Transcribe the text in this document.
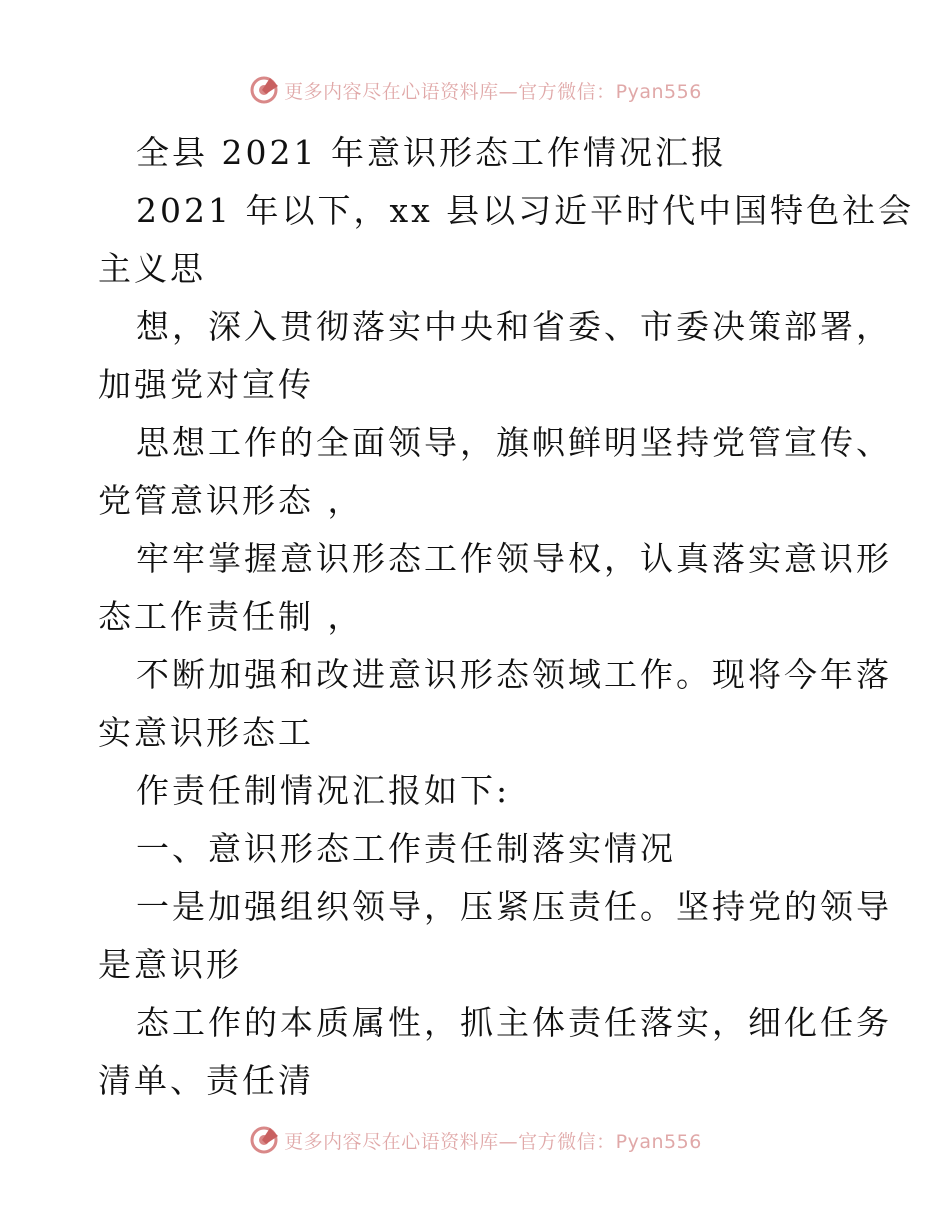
更多内容尽在心语资料库—官方微信：Pyan556
全县 2021 年意识形态工作情况汇报
2021 年以下，xx 县以习近平时代中国特色社会
主义思
想，深入贯彻落实中央和省委、市委决策部署，
加强党对宣传
思想工作的全面领导，旗帜鲜明坚持党管宣传、
党管意识形态 ，
牢牢掌握意识形态工作领导权，认真落实意识形
态工作责任制 ，
不断加强和改进意识形态领域工作。现将今年落
实意识形态工
作责任制情况汇报如下:
一、意识形态工作责任制落实情况
一是加强组织领导，压紧压责任。坚持党的领导
是意识形
态工作的本质属性，抓主体责任落实，细化任务
清单、责任清
更多内容尽在心语资料库—官方微信：Pyan556
